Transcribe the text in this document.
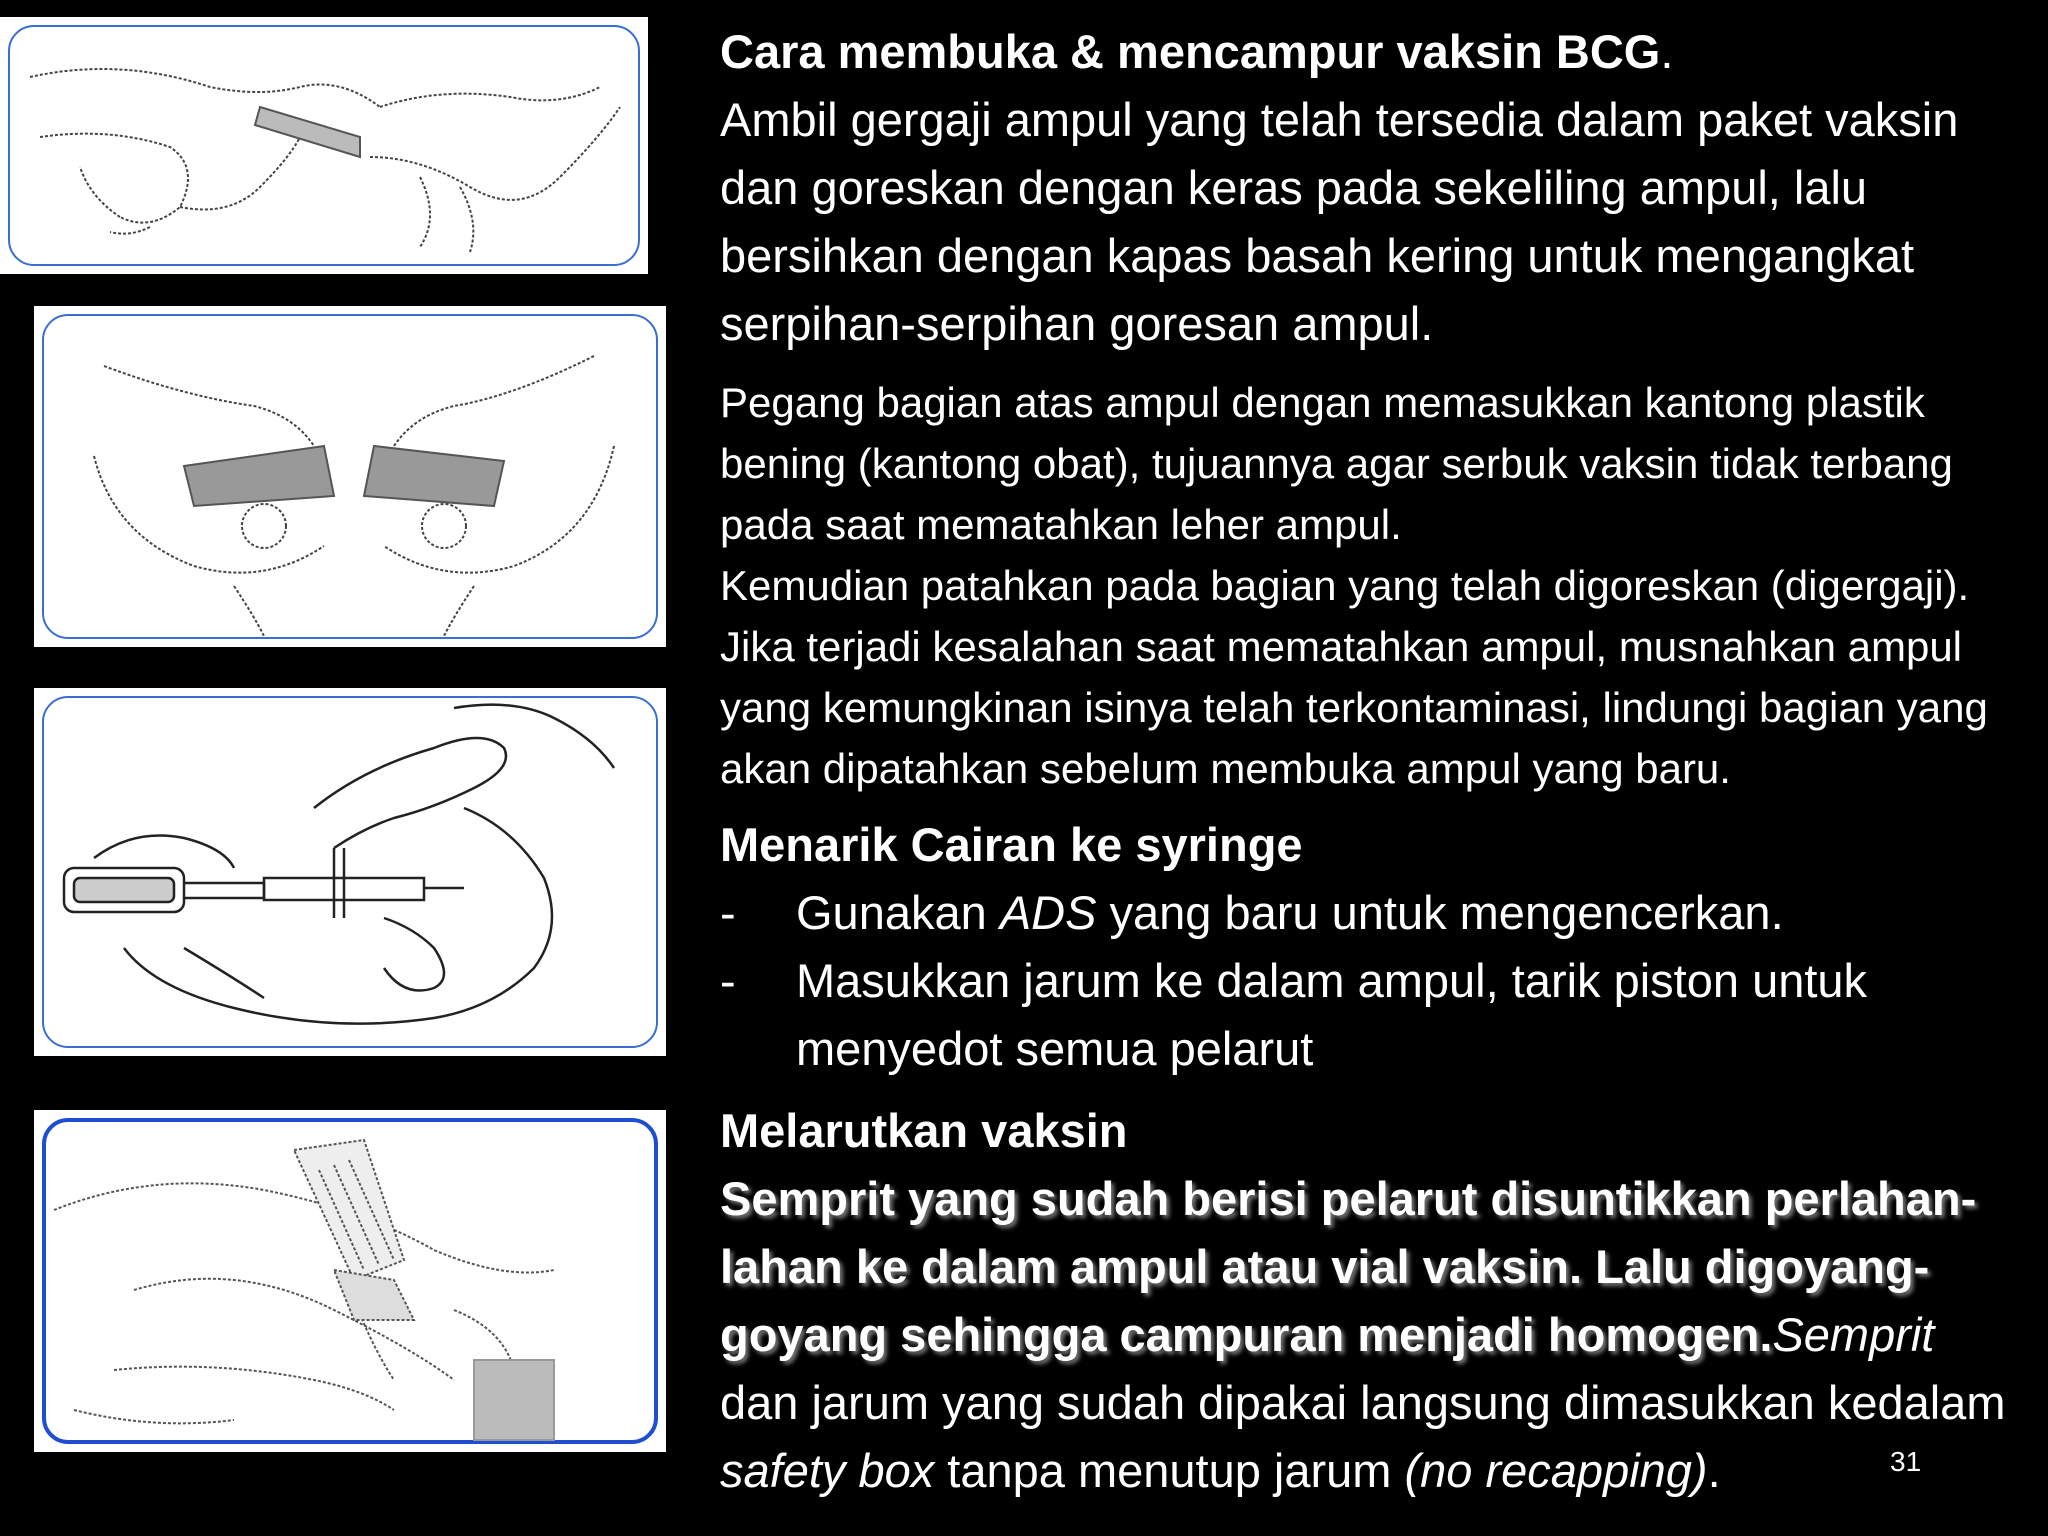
Cara membuka & mencampur vaksin BCG.

Ambil gergaji ampul yang telah tersedia dalam paket vaksin dan goreskan dengan keras pada sekeliling ampul, lalu bersihkan dengan kapas basah kering untuk mengangkat serpihan-serpihan goresan ampul.

Pegang bagian atas ampul dengan memasukkan kantong plastik bening (kantong obat), tujuannya agar serbuk vaksin tidak terbang pada saat mematahkan leher ampul.
Kemudian patahkan pada bagian yang telah digoreskan (digergaji). Jika terjadi kesalahan saat mematahkan ampul, musnahkan ampul yang kemungkinan isinya telah terkontaminasi, lindungi bagian yang akan dipatahkan sebelum membuka ampul yang baru.

Menarik Cairan ke syringe

-	Gunakan ADS yang baru untuk mengencerkan.
-	Masukkan jarum ke dalam ampul, tarik piston untuk menyedot semua pelarut

Melarutkan vaksin

Semprit yang sudah berisi pelarut disuntikkan perlahan-lahan ke dalam ampul atau vial vaksin. Lalu digoyang-goyang sehingga campuran menjadi homogen.Semprit dan jarum yang sudah dipakai langsung dimasukkan kedalam safety box tanpa menutup jarum (no recapping).	31
